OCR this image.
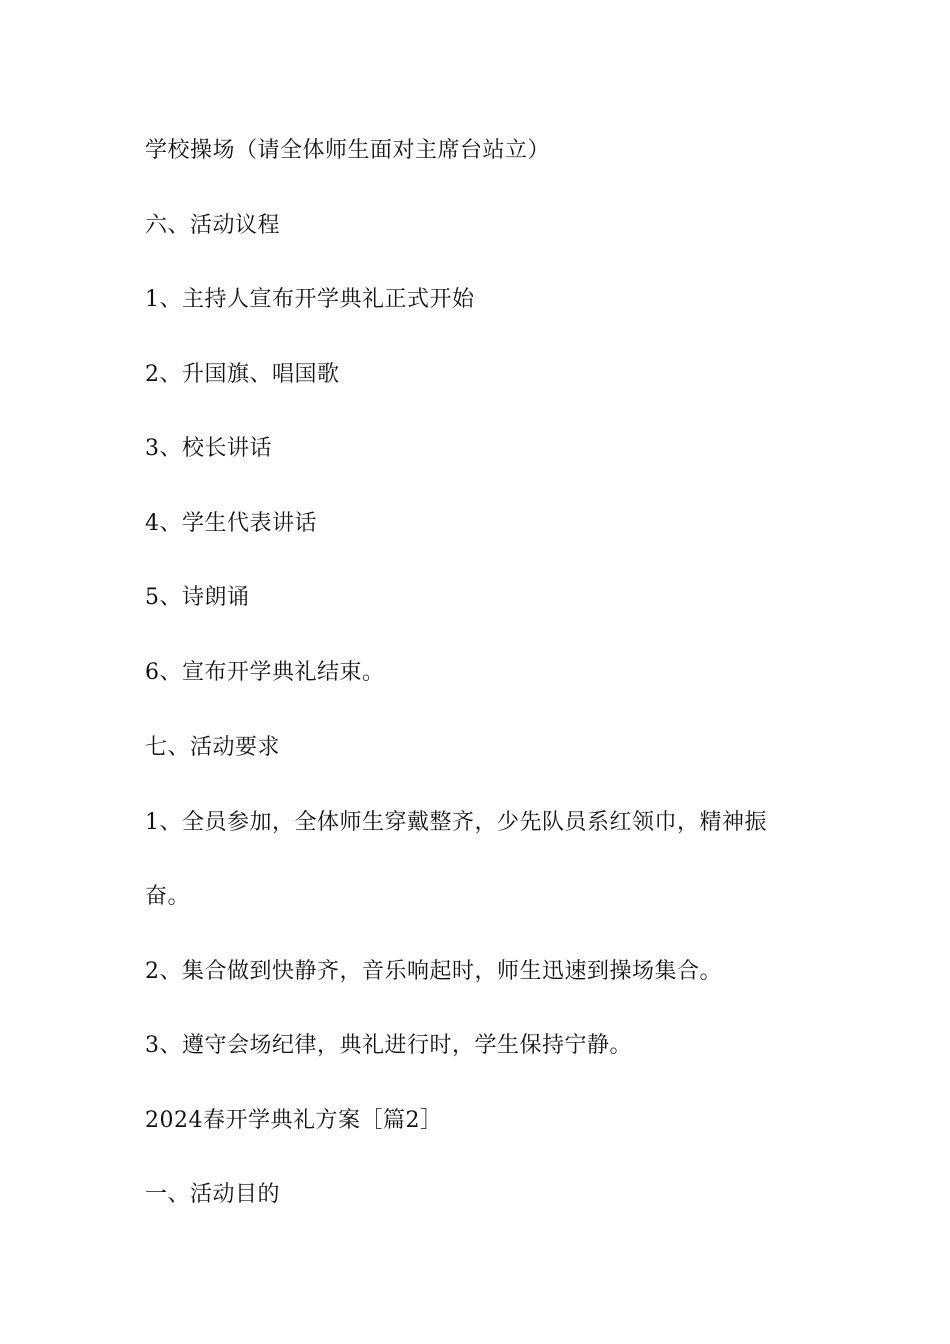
学校操场（请全体师生面对主席台站立）
六、活动议程
1、主持人宣布开学典礼正式开始
2、升国旗、唱国歌
3、校长讲话
4、学生代表讲话
5、诗朗诵
6、宣布开学典礼结束。
七、活动要求
1、全员参加，全体师生穿戴整齐，少先队员系红领巾，精神振
奋。
2、集合做到快静齐，音乐响起时，师生迅速到操场集合。
3、遵守会场纪律，典礼进行时，学生保持宁静。
2024春开学典礼方案［篇2］
一、活动目的
